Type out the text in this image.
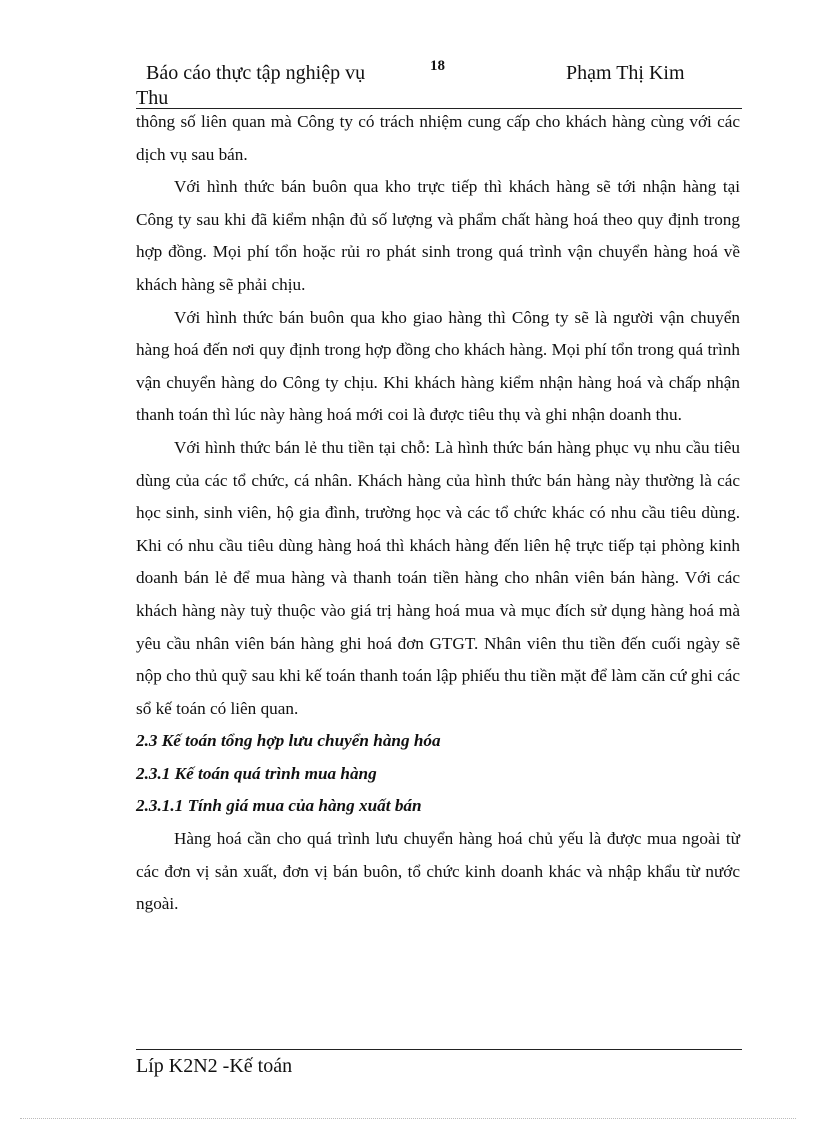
Báo cáo thực tập nghiệp vụ
Thu
18	Phạm Thị Kim

thông số liên quan mà Công ty có trách nhiệm cung cấp cho khách hàng cùng với các dịch vụ sau bán.

Với hình thức bán buôn qua kho trực tiếp thì khách hàng sẽ tới nhận hàng tại Công ty sau khi đã kiểm nhận đủ số lượng và phẩm chất hàng hoá theo quy định trong hợp đồng. Mọi phí tổn hoặc rủi ro phát sinh trong quá trình vận chuyển hàng hoá về khách hàng sẽ phải chịu.

Với hình thức bán buôn qua kho giao hàng thì Công ty sẽ là người vận chuyển hàng hoá đến nơi quy định trong hợp đồng cho khách hàng. Mọi phí tổn trong quá trình vận chuyển hàng do Công ty chịu. Khi khách hàng kiểm nhận hàng hoá và chấp nhận thanh toán thì lúc này hàng hoá mới coi là được tiêu thụ và ghi nhận doanh thu.

Với hình thức bán lẻ thu tiền tại chỗ: Là hình thức bán hàng phục vụ nhu cầu tiêu dùng của các tổ chức, cá nhân. Khách hàng của hình thức bán hàng này thường là các học sinh, sinh viên, hộ gia đình, trường học và các tổ chức khác có nhu cầu tiêu dùng. Khi có nhu cầu tiêu dùng hàng hoá thì khách hàng đến liên hệ trực tiếp tại phòng kinh doanh bán lẻ để mua hàng và thanh toán tiền hàng cho nhân viên bán hàng. Với các khách hàng này tuỳ thuộc vào giá trị hàng hoá mua và mục đích sử dụng hàng hoá mà yêu cầu nhân viên bán hàng ghi hoá đơn GTGT. Nhân viên thu tiền đến cuối ngày sẽ nộp cho thủ quỹ sau khi kế toán thanh toán lập phiếu thu tiền mặt để làm căn cứ ghi các sổ kế toán có liên quan.

2.3 Kế toán tổng hợp lưu chuyển hàng hóa

2.3.1 Kế toán quá trình mua hàng

2.3.1.1 Tính giá mua của hàng xuất bán

Hàng hoá cần cho quá trình lưu chuyển hàng hoá chủ yếu là được mua ngoài từ các đơn vị sản xuất, đơn vị bán buôn, tổ chức kinh doanh khác và nhập khẩu từ nước ngoài.

Líp K2N2 -Kế toán
